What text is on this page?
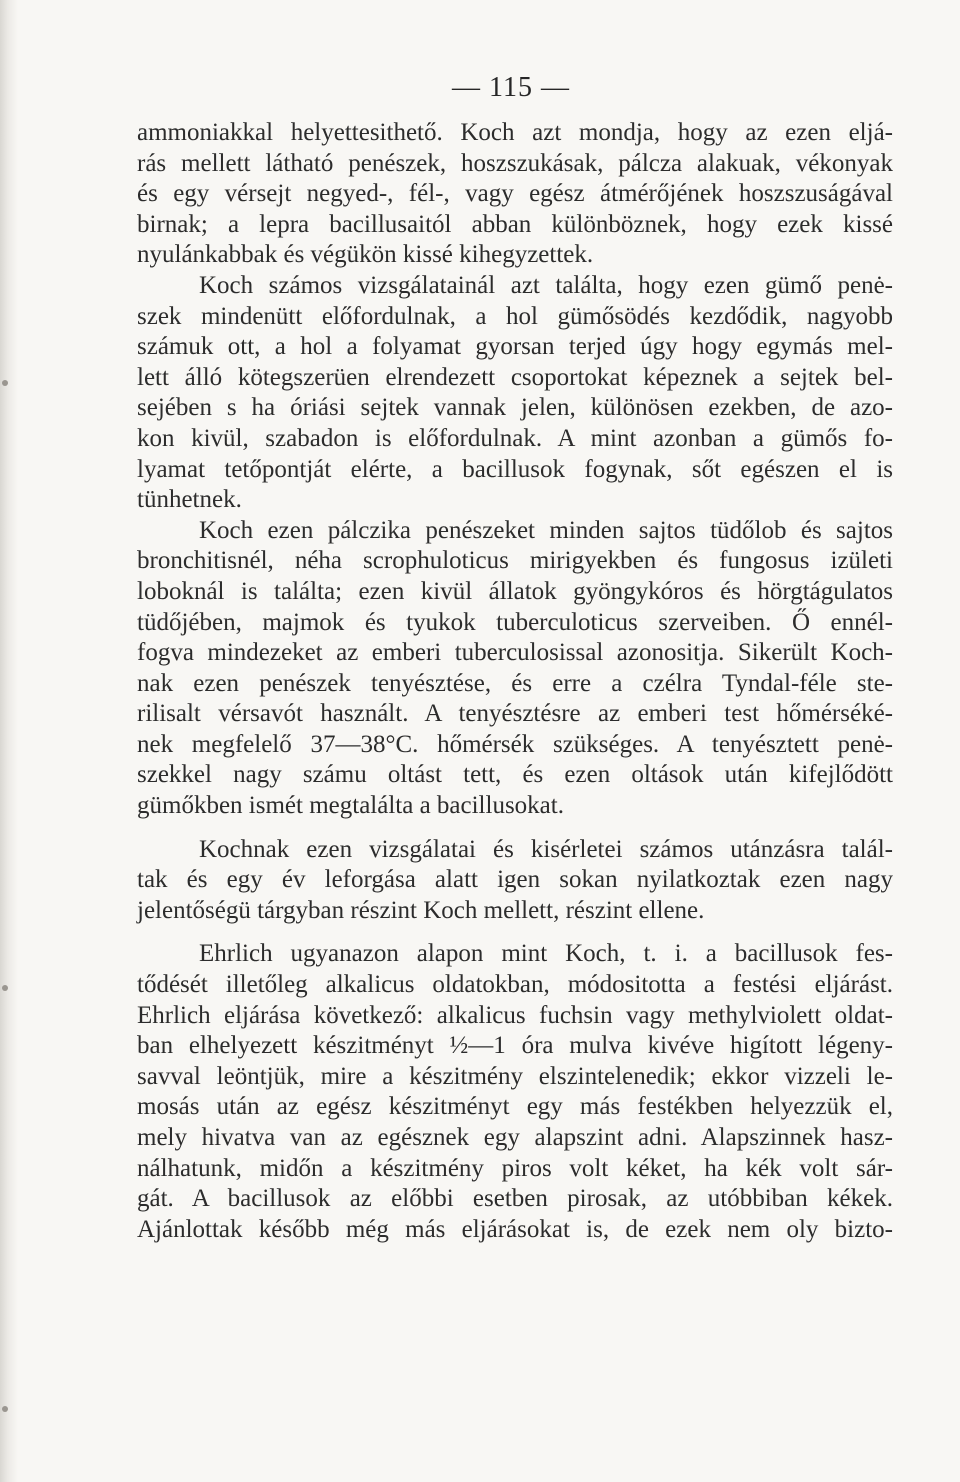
— 115 —
ammoniakkal helyettesithető. Koch azt mondja, hogy az ezen eljá-
rás mellett látható penészek, hoszszukásak, pálcza alakuak, vékonyak
és egy vérsejt negyed-, fél-, vagy egész átmérőjének hoszszuságával
birnak; a lepra bacillusaitól abban különböznek, hogy ezek kissé
nyulánkabbak és végükön kissé kihegyzettek.
Koch számos vizsgálatainál azt találta, hogy ezen gümő penė-
szek mindenütt előfordulnak, a hol gümősödés kezdődik, nagyobb
számuk ott, a hol a folyamat gyorsan terjed úgy hogy egymás mel-
lett álló kötegszerüen elrendezett csoportokat képeznek a sejtek bel-
sejében s ha óriási sejtek vannak jelen, különösen ezekben, de azo-
kon kivül, szabadon is előfordulnak. A mint azonban a gümős fo-
lyamat tetőpontját elérte, a bacillusok fogynak, sőt egészen el is
tünhetnek.
Koch ezen pálczika penészeket minden sajtos tüdőlob és sajtos
bronchitisnél, néha scrophuloticus mirigyekben és fungosus izületi
loboknál is találta; ezen kivül állatok gyöngykóros és hörgtágulatos
tüdőjében, majmok és tyukok tuberculoticus szerveiben. Ő ennél-
fogva mindezeket az emberi tuberculosissal azonositja. Sikerült Koch-
nak ezen penészek tenyésztése, és erre a czélra Tyndal-féle ste-
rilisalt vérsavót használt. A tenyésztésre az emberi test hőmérséké-
nek megfelelő 37—38°C. hőmérsék szükséges. A tenyésztett penė-
szekkel nagy számu oltást tett, és ezen oltások után kifejlődött
gümőkben ismét megtalálta a bacillusokat.
Kochnak ezen vizsgálatai és kisérletei számos utánzásra talál-
tak és egy év leforgása alatt igen sokan nyilatkoztak ezen nagy
jelentőségü tárgyban részint Koch mellett, részint ellene.
Ehrlich ugyanazon alapon mint Koch, t. i. a bacillusok fes-
tődését illetőleg alkalicus oldatokban, módositotta a festési eljárást.
Ehrlich eljárása következő: alkalicus fuchsin vagy methylviolett oldat-
ban elhelyezett készitményt ½—1 óra mulva kivéve higított légeny-
savval leöntjük, mire a készitmény elszintelenedik; ekkor vizzeli le-
mosás után az egész készitményt egy más festékben helyezzük el,
mely hivatva van az egésznek egy alapszint adni. Alapszinnek hasz-
nálhatunk, midőn a készitmény piros volt kéket, ha kék volt sár-
gát. A bacillusok az előbbi esetben pirosak, az utóbbiban kékek.
Ajánlottak később még más eljárásokat is, de ezek nem oly bizto-
